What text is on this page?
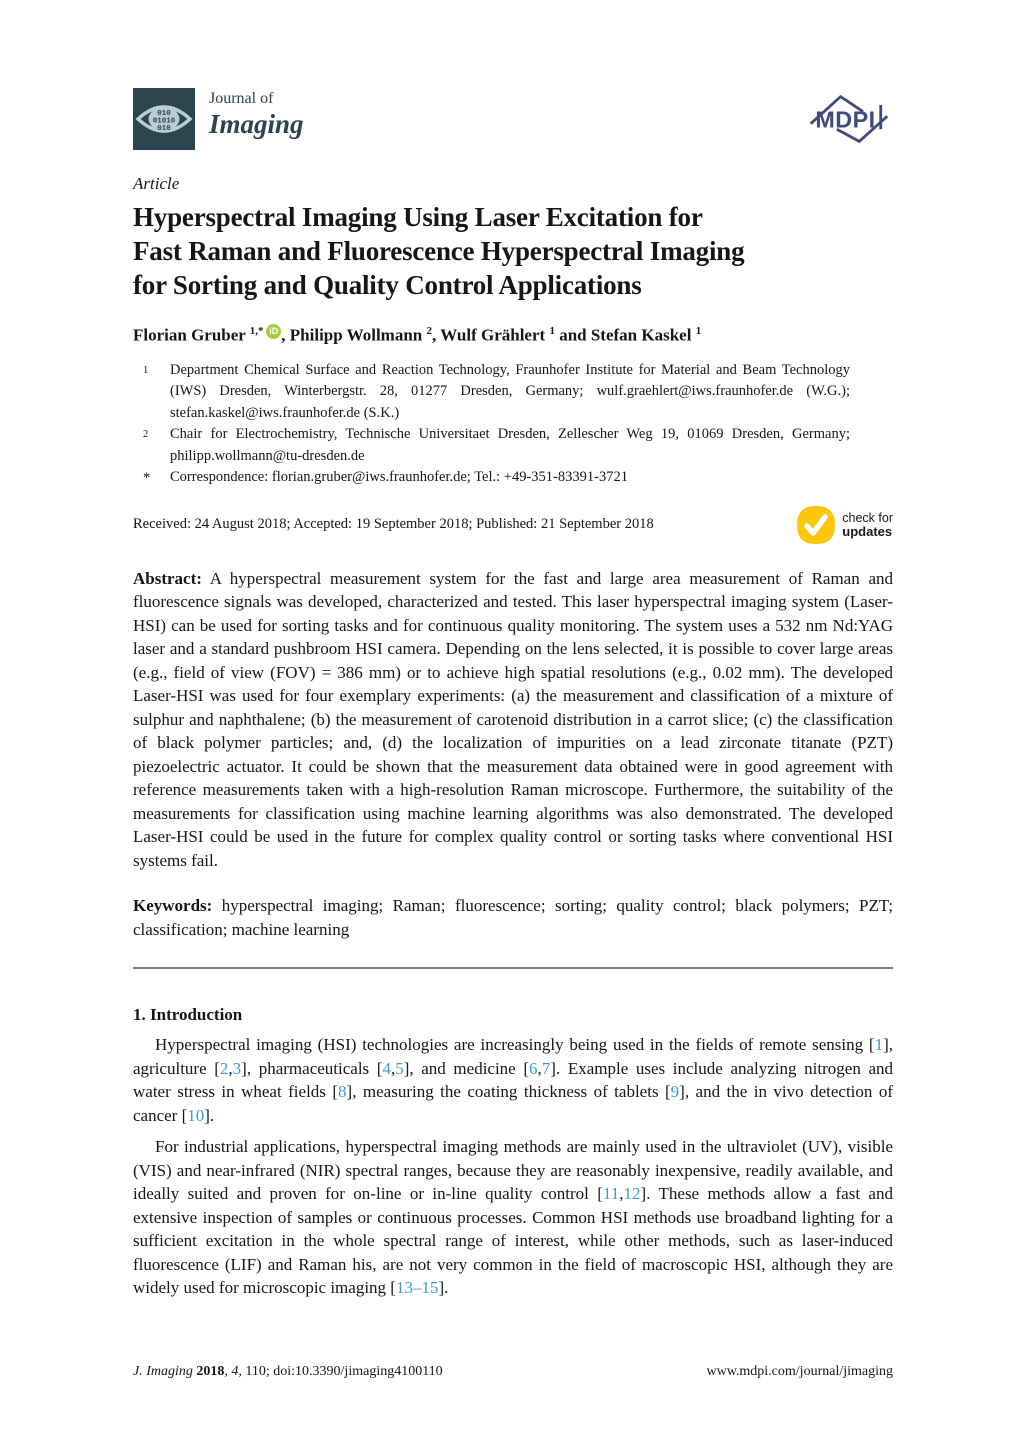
010
01010
010
Journal of
Imaging	MDPI
Article
Hyperspectral Imaging Using Laser Excitation for
Fast Raman and Fluorescence Hyperspectral Imaging
for Sorting and Quality Control Applications
Florian Gruber $^{1,*}$ iD , Philipp Wollmann $^2$, Wulf Grählert $^1$ and Stefan Kaskel $^1$
1 Department Chemical Surface and Reaction Technology, Fraunhofer Institute for Material and Beam Technology (IWS) Dresden, Winterbergstr. 28, 01277 Dresden, Germany; wulf.graehlert@iws.fraunhofer.de (W.G.); stefan.kaskel@iws.fraunhofer.de (S.K.)
2 Chair for Electrochemistry, Technische Universitaet Dresden, Zellescher Weg 19, 01069 Dresden, Germany; philipp.wollmann@tu-dresden.de
* Correspondence: florian.gruber@iws.fraunhofer.de; Tel.: +49-351-83391-3721
Received: 24 August 2018; Accepted: 19 September 2018; Published: 21 September 2018	check for
updates

Abstract: A hyperspectral measurement system for the fast and large area measurement of Raman and fluorescence signals was developed, characterized and tested. This laser hyperspectral imaging system (Laser-HSI) can be used for sorting tasks and for continuous quality monitoring. The system uses a 532 nm Nd:YAG laser and a standard pushbroom HSI camera. Depending on the lens selected, it is possible to cover large areas (e.g., field of view (FOV) = 386 mm) or to achieve high spatial resolutions (e.g., 0.02 mm). The developed Laser-HSI was used for four exemplary experiments: (a) the measurement and classification of a mixture of sulphur and naphthalene; (b) the measurement of carotenoid distribution in a carrot slice; (c) the classification of black polymer particles; and, (d) the localization of impurities on a lead zirconate titanate (PZT) piezoelectric actuator. It could be shown that the measurement data obtained were in good agreement with reference measurements taken with a high-resolution Raman microscope. Furthermore, the suitability of the measurements for classification using machine learning algorithms was also demonstrated. The developed Laser-HSI could be used in the future for complex quality control or sorting tasks where conventional HSI systems fail.

Keywords: hyperspectral imaging; Raman; fluorescence; sorting; quality control; black polymers; PZT; classification; machine learning

1. Introduction

Hyperspectral imaging (HSI) technologies are increasingly being used in the fields of remote sensing [1], agriculture [2,3], pharmaceuticals [4,5], and medicine [6,7]. Example uses include analyzing nitrogen and water stress in wheat fields [8], measuring the coating thickness of tablets [9], and the in vivo detection of cancer [10].

For industrial applications, hyperspectral imaging methods are mainly used in the ultraviolet (UV), visible (VIS) and near-infrared (NIR) spectral ranges, because they are reasonably inexpensive, readily available, and ideally suited and proven for on-line or in-line quality control [11,12]. These methods allow a fast and extensive inspection of samples or continuous processes. Common HSI methods use broadband lighting for a sufficient excitation in the whole spectral range of interest, while other methods, such as laser-induced fluorescence (LIF) and Raman his, are not very common in the field of macroscopic HSI, although they are widely used for microscopic imaging [13–15].

J. Imaging 2018, 4, 110; doi:10.3390/jimaging4100110	www.mdpi.com/journal/jimaging
